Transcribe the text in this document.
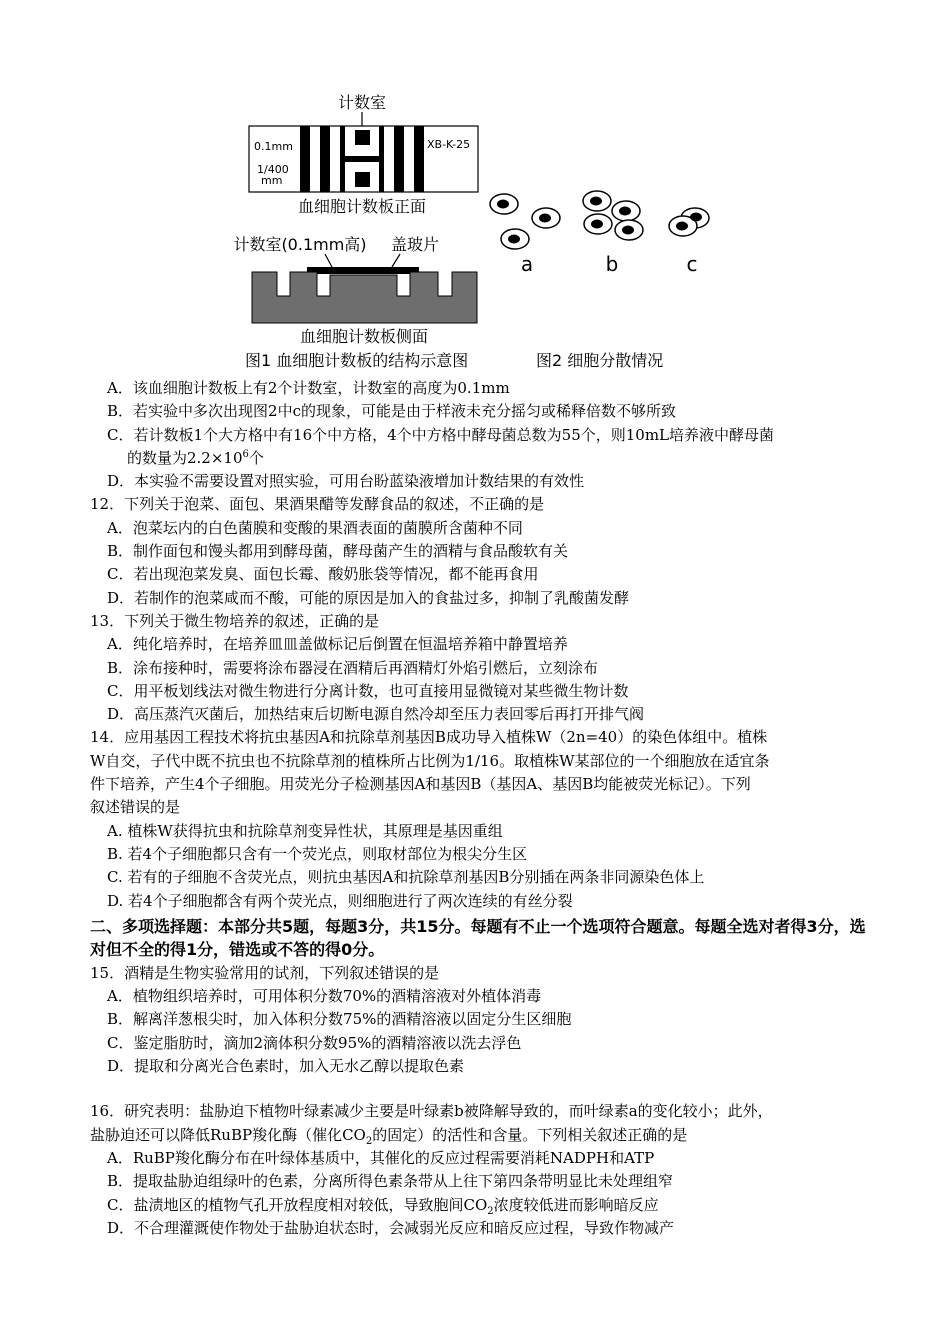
计数室
0.1mm
1/400
mm
XB-K-25
血细胞计数板正面
计数室(0.1mm高) 盖玻片
血细胞计数板侧面
图1 血细胞计数板的结构示意图	图2 细胞分散情况
a	b	c
A．该血细胞计数板上有2个计数室，计数室的高度为0.1mm
B．若实验中多次出现图2中c的现象，可能是由于样液未充分摇匀或稀释倍数不够所致
C．若计数板1个大方格中有16个中方格，4个中方格中酵母菌总数为55个，则10mL培养液中酵母菌
的数量为$2.2\times 10^6$个
D．本实验不需要设置对照实验，可用台盼蓝染液增加计数结果的有效性
12．下列关于泡菜、面包、果酒果醋等发酵食品的叙述，不正确的是
A．泡菜坛内的白色菌膜和变酸的果酒表面的菌膜所含菌种不同
B．制作面包和馒头都用到酵母菌，酵母菌产生的酒精与食品酸软有关
C．若出现泡菜发臭、面包长霉、酸奶胀袋等情况，都不能再食用
D．若制作的泡菜咸而不酸，可能的原因是加入的食盐过多，抑制了乳酸菌发酵
13．下列关于微生物培养的叙述，正确的是
A．纯化培养时，在培养皿皿盖做标记后倒置在恒温培养箱中静置培养
B．涂布接种时，需要将涂布器浸在酒精后再酒精灯外焰引燃后，立刻涂布
C．用平板划线法对微生物进行分离计数，也可直接用显微镜对某些微生物计数
D．高压蒸汽灭菌后，加热结束后切断电源自然冷却至压力表回零后再打开排气阀
14．应用基因工程技术将抗虫基因A和抗除草剂基因B成功导入植株W（2n=40）的染色体组中。植株
W自交，子代中既不抗虫也不抗除草剂的植株所占比例为1/16。取植株W某部位的一个细胞放在适宜条
件下培养，产生4个子细胞。用荧光分子检测基因A和基因B（基因A、基因B均能被荧光标记）。下列
叙述错误的是
A. 植株W获得抗虫和抗除草剂变异性状，其原理是基因重组
B. 若4个子细胞都只含有一个荧光点，则取材部位为根尖分生区
C. 若有的子细胞不含荧光点，则抗虫基因A和抗除草剂基因B分别插在两条非同源染色体上
D. 若4个子细胞都含有两个荧光点，则细胞进行了两次连续的有丝分裂
二、多项选择题：本部分共5题，每题3分，共15分。每题有不止一个选项符合题意。每题全选对者得3分，选对但不全的得1分，错选或不答的得0分。
15．酒精是生物实验常用的试剂，下列叙述错误的是
A．植物组织培养时，可用体积分数70%的酒精溶液对外植体消毒
B．解离洋葱根尖时，加入体积分数75%的酒精溶液以固定分生区细胞
C．鉴定脂肪时，滴加2滴体积分数95%的酒精溶液以洗去浮色
D．提取和分离光合色素时，加入无水乙醇以提取色素
16．研究表明：盐胁迫下植物叶绿素减少主要是叶绿素b被降解导致的，而叶绿素a的变化较小；此外，
盐胁迫还可以降低RuBP羧化酶（催化$CO_2$的固定）的活性和含量。下列相关叙述正确的是
A．RuBP羧化酶分布在叶绿体基质中，其催化的反应过程需要消耗NADPH和ATP
B．提取盐胁迫组绿叶的色素，分离所得色素条带从上往下第四条带明显比未处理组窄
C．盐渍地区的植物气孔开放程度相对较低，导致胞间$CO_2$浓度较低进而影响暗反应
D．不合理灌溉使作物处于盐胁迫状态时，会减弱光反应和暗反应过程，导致作物减产
